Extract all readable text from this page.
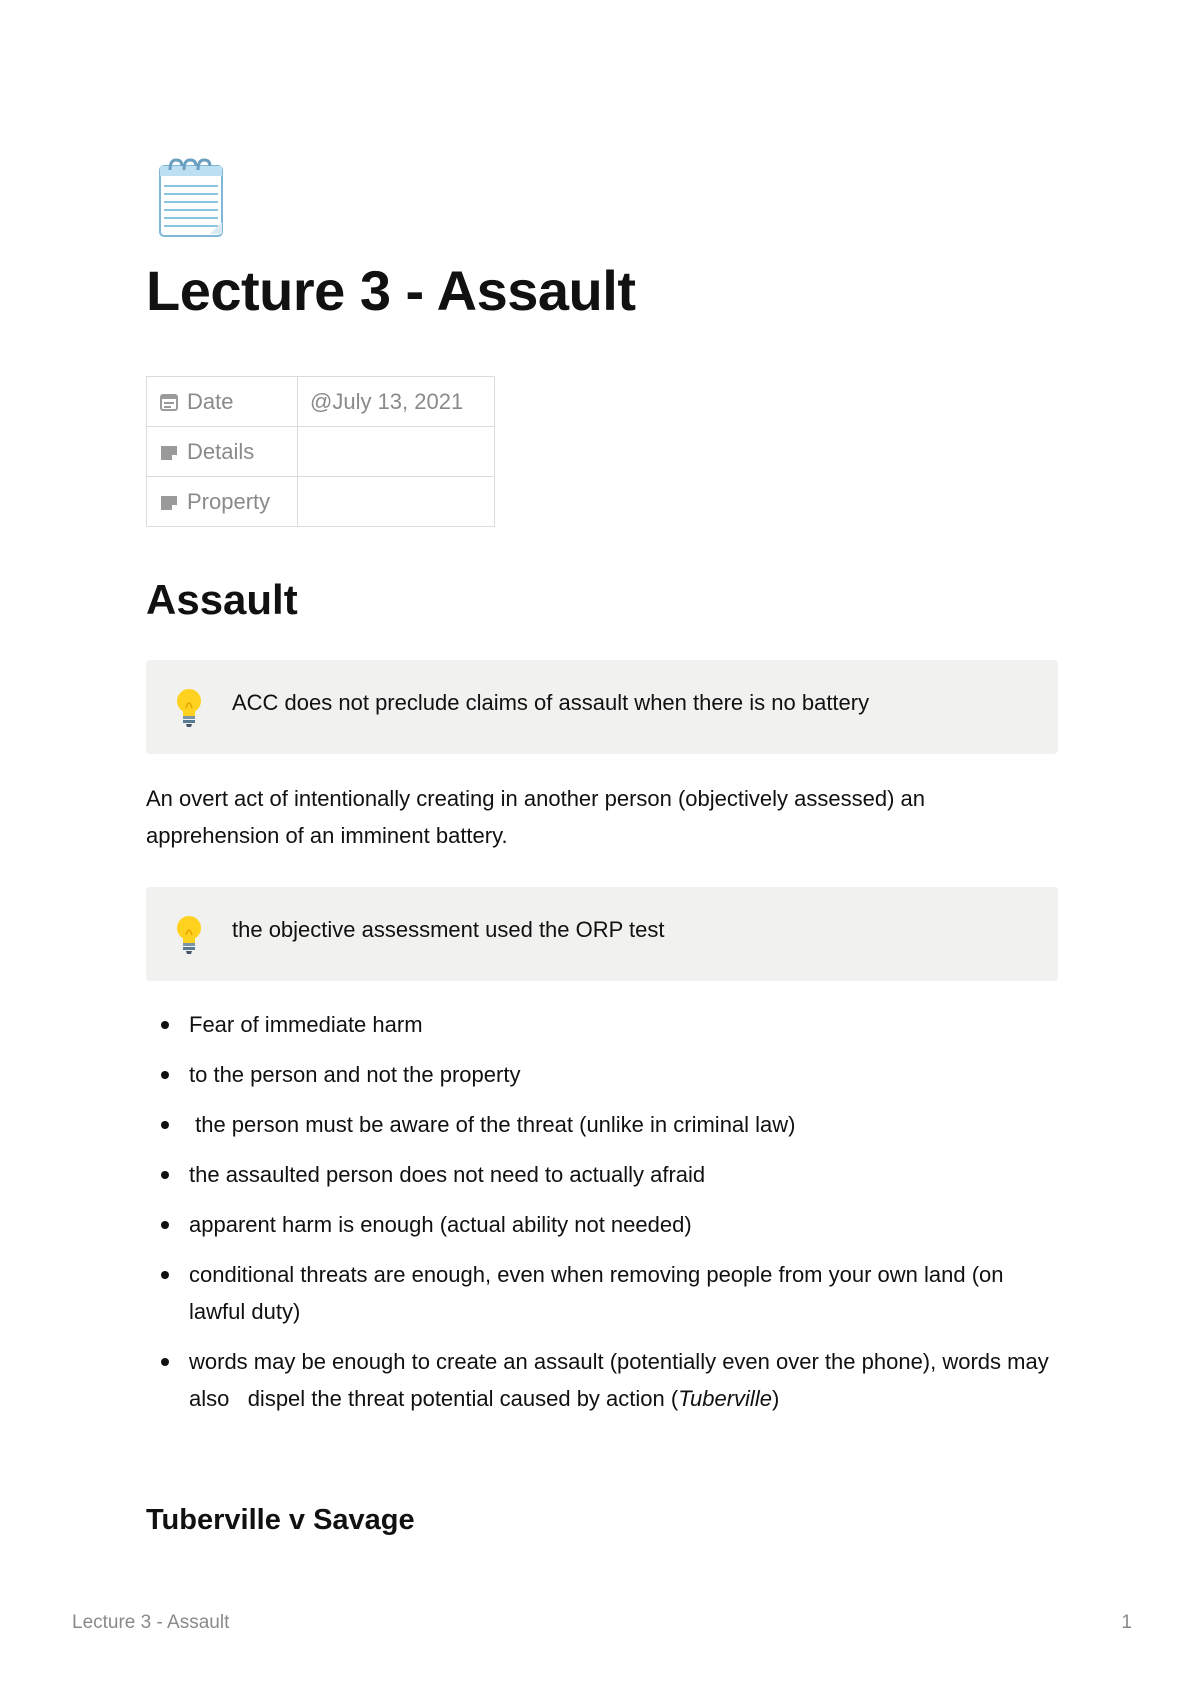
Lecture 3 - Assault
Date	@July 13, 2021
Details	
Property	
Assault
ACC does not preclude claims of assault when there is no battery

An overt act of intentionally creating in another person (objectively assessed) an apprehension of an imminent battery.

the objective assessment used the ORP test
Fear of immediate harm
to the person and not the property
the person must be aware of the threat (unlike in criminal law)
the assaulted person does not need to actually afraid
apparent harm is enough (actual ability not needed)
conditional threats are enough, even when removing people from your own land (on lawful duty)
words may be enough to create an assault (potentially even over the phone), words may also   dispel the threat potential caused by action (Tuberville)
Tuberville v Savage
Lecture 3 - Assault	1
